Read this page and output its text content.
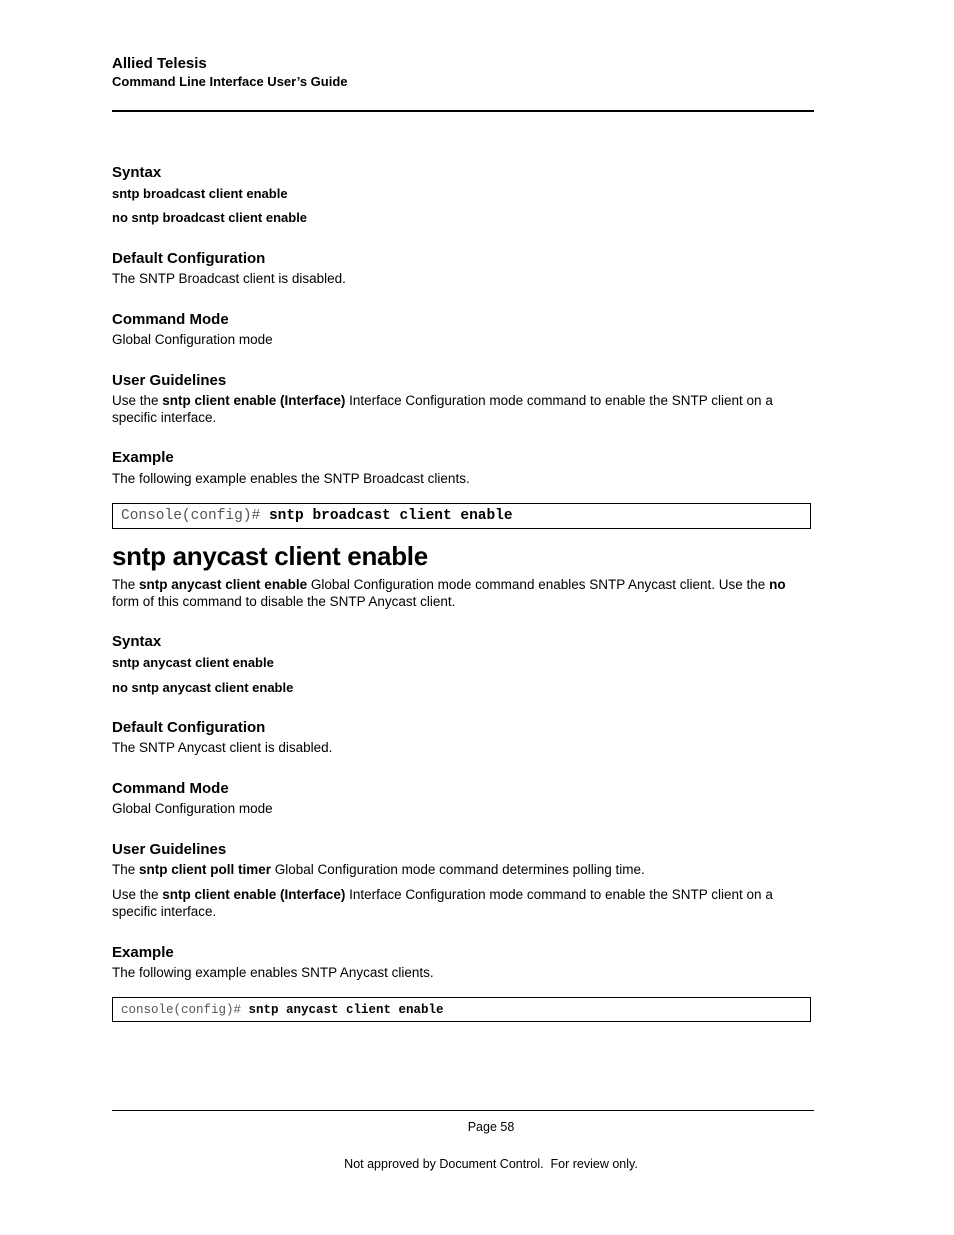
Allied Telesis
Command Line Interface User’s Guide
Syntax
sntp broadcast client enable
no sntp broadcast client enable
Default Configuration
The SNTP Broadcast client is disabled.
Command Mode
Global Configuration mode
User Guidelines
Use the sntp client enable (Interface) Interface Configuration mode command to enable the SNTP client on a specific interface.
Example
The following example enables the SNTP Broadcast clients.
Console(config)# sntp broadcast client enable
sntp anycast client enable
The sntp anycast client enable Global Configuration mode command enables SNTP Anycast client. Use the no form of this command to disable the SNTP Anycast client.
Syntax
sntp anycast client enable
no sntp anycast client enable
Default Configuration
The SNTP Anycast client is disabled.
Command Mode
Global Configuration mode
User Guidelines
The sntp client poll timer Global Configuration mode command determines polling time.
Use the sntp client enable (Interface) Interface Configuration mode command to enable the SNTP client on a specific interface.
Example
The following example enables SNTP Anycast clients.
console(config)# sntp anycast client enable
Page 58
Not approved by Document Control.  For review only.
